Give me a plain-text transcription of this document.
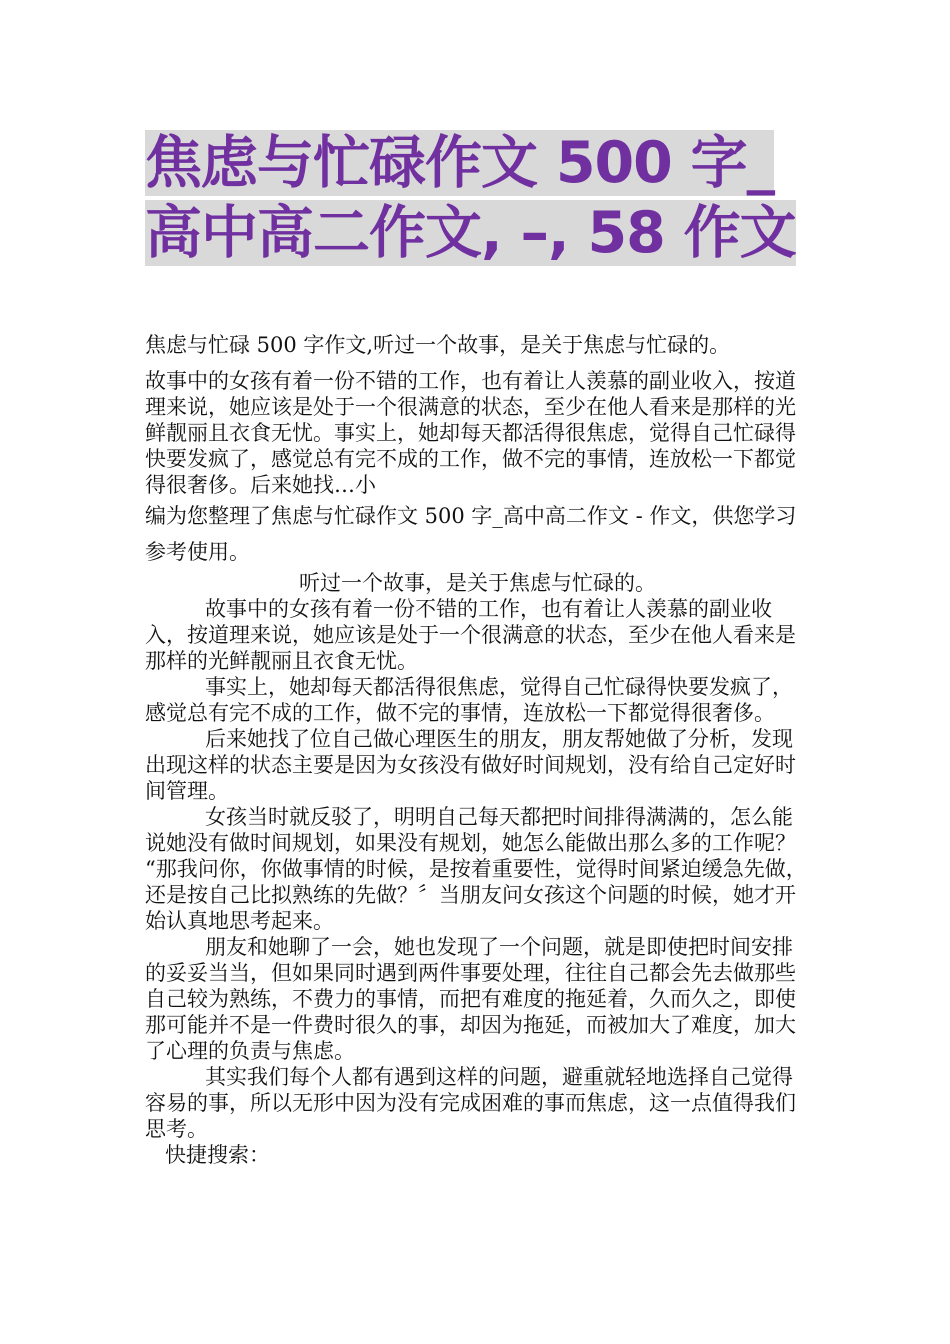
焦虑与忙碌作文 500 字_高中高二作文, –, 58 作文

焦虑与忙碌 500 字作文,听过一个故事，是关于焦虑与忙碌的。

故事中的女孩有着一份不错的工作，也有着让人羡慕的副业收入，按道理来说，她应该是处于一个很满意的状态，至少在他人看来是那样的光鲜靓丽且衣食无忧。事实上，她却每天都活得很焦虑，觉得自己忙碌得快要发疯了，感觉总有完不成的工作，做不完的事情，连放松一下都觉得很奢侈。后来她找…小

编为您整理了焦虑与忙碌作文 500 字_高中高二作文 - 作文，供您学习参考使用。

听过一个故事，是关于焦虑与忙碌的。

故事中的女孩有着一份不错的工作，也有着让人羡慕的副业收入，按道理来说，她应该是处于一个很满意的状态，至少在他人看来是那样的光鲜靓丽且衣食无忧。

事实上，她却每天都活得很焦虑，觉得自己忙碌得快要发疯了，感觉总有完不成的工作，做不完的事情，连放松一下都觉得很奢侈。

后来她找了位自己做心理医生的朋友，朋友帮她做了分析，发现出现这样的状态主要是因为女孩没有做好时间规划，没有给自己定好时间管理。

女孩当时就反驳了，明明自己每天都把时间排得满满的，怎么能说她没有做时间规划，如果没有规划，她怎么能做出那么多的工作呢？

“那我问你，你做事情的时候，是按着重要性，觉得时间紧迫缓急先做，还是按自己比拟熟练的先做？〞当朋友问女孩这个问题的时候，她才开始认真地思考起来。

朋友和她聊了一会，她也发现了一个问题，就是即使把时间安排的妥妥当当，但如果同时遇到两件事要处理，往往自己都会先去做那些自己较为熟练，不费力的事情，而把有难度的拖延着，久而久之，即使那可能并不是一件费时很久的事，却因为拖延，而被加大了难度，加大了心理的负责与焦虑。

其实我们每个人都有遇到这样的问题，避重就轻地选择自己觉得容易的事，所以无形中因为没有完成困难的事而焦虑，这一点值得我们思考。

快捷搜索：
